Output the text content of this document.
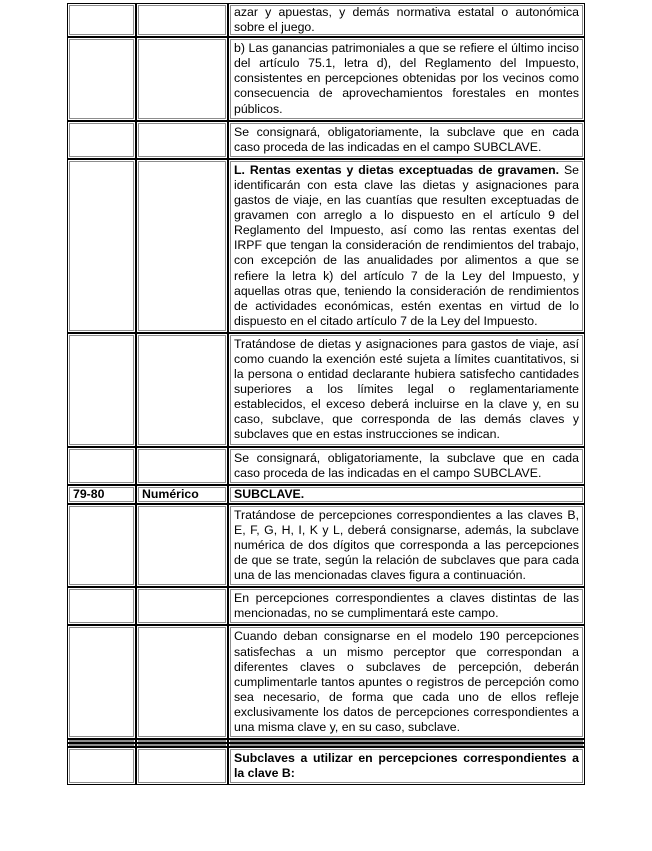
		azar y apuestas, y demás normativa estatal o autonómica sobre el juego.
		b) Las ganancias patrimoniales a que se refiere el último inciso del artículo 75.1, letra d), del Reglamento del Impuesto, consistentes en percepciones obtenidas por los vecinos como consecuencia de aprovechamientos forestales en montes públicos.
		Se consignará, obligatoriamente, la subclave que en cada caso proceda de las indicadas en el campo SUBCLAVE.
		L. Rentas exentas y dietas exceptuadas de gravamen. Se identificarán con esta clave las dietas y asignaciones para gastos de viaje, en las cuantías que resulten exceptuadas de gravamen con arreglo a lo dispuesto en el artículo 9 del Reglamento del Impuesto, así como las rentas exentas del IRPF que tengan la consideración de rendimientos del trabajo, con excepción de las anualidades por alimentos a que se refiere la letra k) del artículo 7 de la Ley del Impuesto, y aquellas otras que, teniendo la consideración de rendimientos de actividades económicas, estén exentas en virtud de lo dispuesto en el citado artículo 7 de la Ley del Impuesto.
		Tratándose de dietas y asignaciones para gastos de viaje, así como cuando la exención esté sujeta a límites cuantitativos, si la persona o entidad declarante hubiera satisfecho cantidades superiores a los límites legal o reglamentariamente establecidos, el exceso deberá incluirse en la clave y, en su caso, subclave, que corresponda de las demás claves y subclaves que en estas instrucciones se indican.
		Se consignará, obligatoriamente, la subclave que en cada caso proceda de las indicadas en el campo SUBCLAVE.
79-80	Numérico	SUBCLAVE.
		Tratándose de percepciones correspondientes a las claves B, E, F, G, H, I, K y L, deberá consignarse, además, la subclave numérica de dos dígitos que corresponda a las percepciones de que se trate, según la relación de subclaves que para cada una de las mencionadas claves figura a continuación.
		En percepciones correspondientes a claves distintas de las mencionadas, no se cumplimentará este campo.
		Cuando deban consignarse en el modelo 190 percepciones satisfechas a un mismo perceptor que correspondan a diferentes claves o subclaves de percepción, deberán cumplimentarle tantos apuntes o registros de percepción como sea necesario, de forma que cada uno de ellos refleje exclusivamente los datos de percepciones correspondientes a una misma clave y, en su caso, subclave.

		Subclaves a utilizar en percepciones correspondientes a la clave B:
